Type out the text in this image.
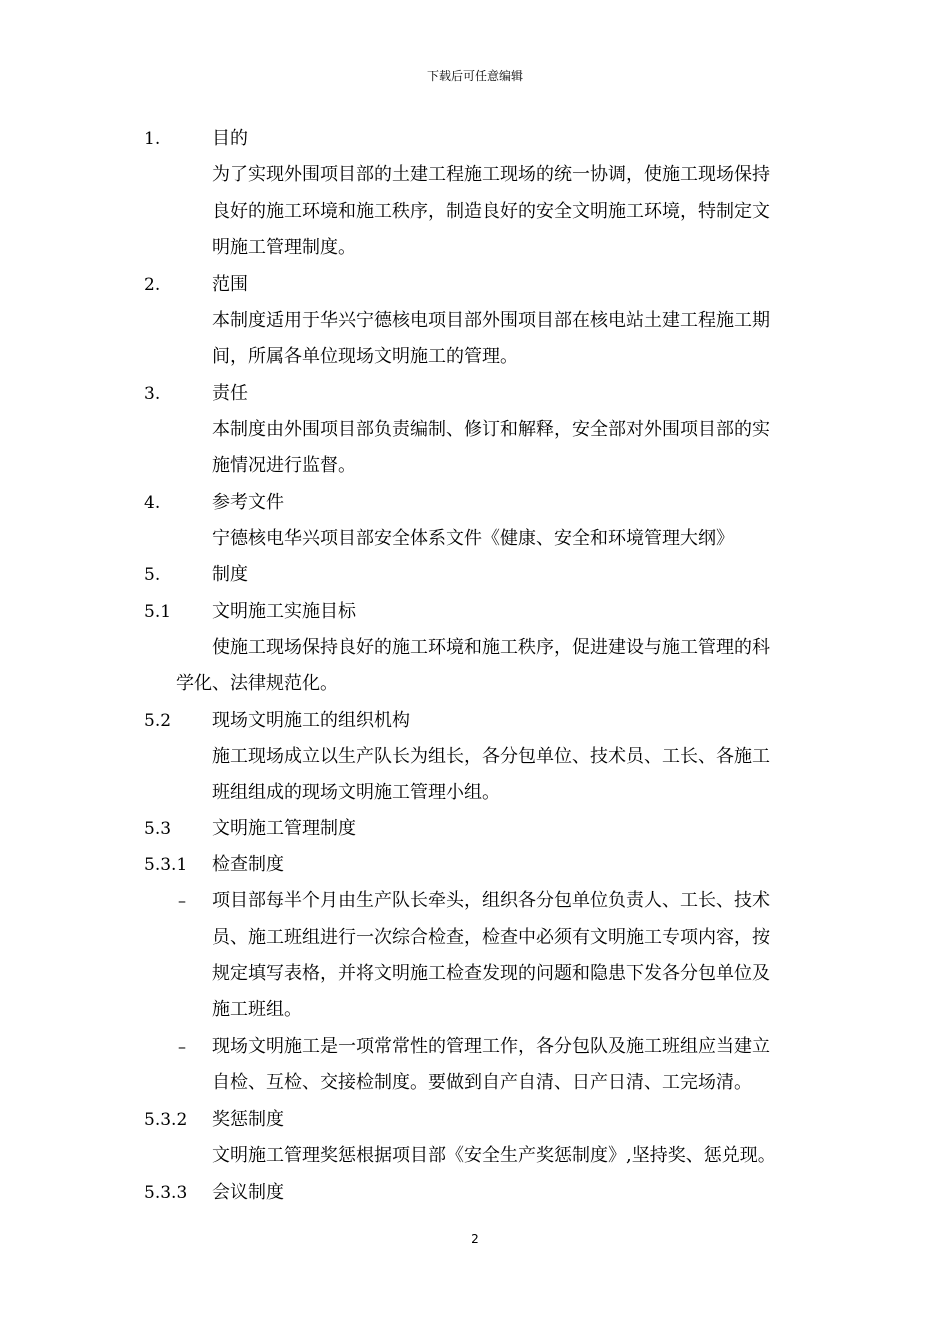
下载后可任意编辑
1.	目的
为了实现外围项目部的土建工程施工现场的统一协调，使施工现场保持
良好的施工环境和施工秩序，制造良好的安全文明施工环境，特制定文
明施工管理制度。
2.	范围
本制度适用于华兴宁德核电项目部外围项目部在核电站土建工程施工期
间，所属各单位现场文明施工的管理。
3.	责任
本制度由外围项目部负责编制、修订和解释，安全部对外围项目部的实
施情况进行监督。
4.	参考文件
宁德核电华兴项目部安全体系文件《健康、安全和环境管理大纲》
5.	制度
5.1 文明施工实施目标
使施工现场保持良好的施工环境和施工秩序，促进建设与施工管理的科
学化、法律规范化。
5.2 现场文明施工的组织机构
施工现场成立以生产队长为组长，各分包单位、技术员、工长、各施工
班组组成的现场文明施工管理小组。
5.3 文明施工管理制度
5.3.1 检查制度
– 项目部每半个月由生产队长牵头，组织各分包单位负责人、工长、技术
员、施工班组进行一次综合检查，检查中必须有文明施工专项内容，按
规定填写表格，并将文明施工检查发现的问题和隐患下发各分包单位及
施工班组。
– 现场文明施工是一项常常性的管理工作，各分包队及施工班组应当建立
自检、互检、交接检制度。要做到自产自清、日产日清、工完场清。
5.3.2 奖惩制度
文明施工管理奖惩根据项目部《安全生产奖惩制度》,坚持奖、惩兑现。
5.3.3 会议制度
2
